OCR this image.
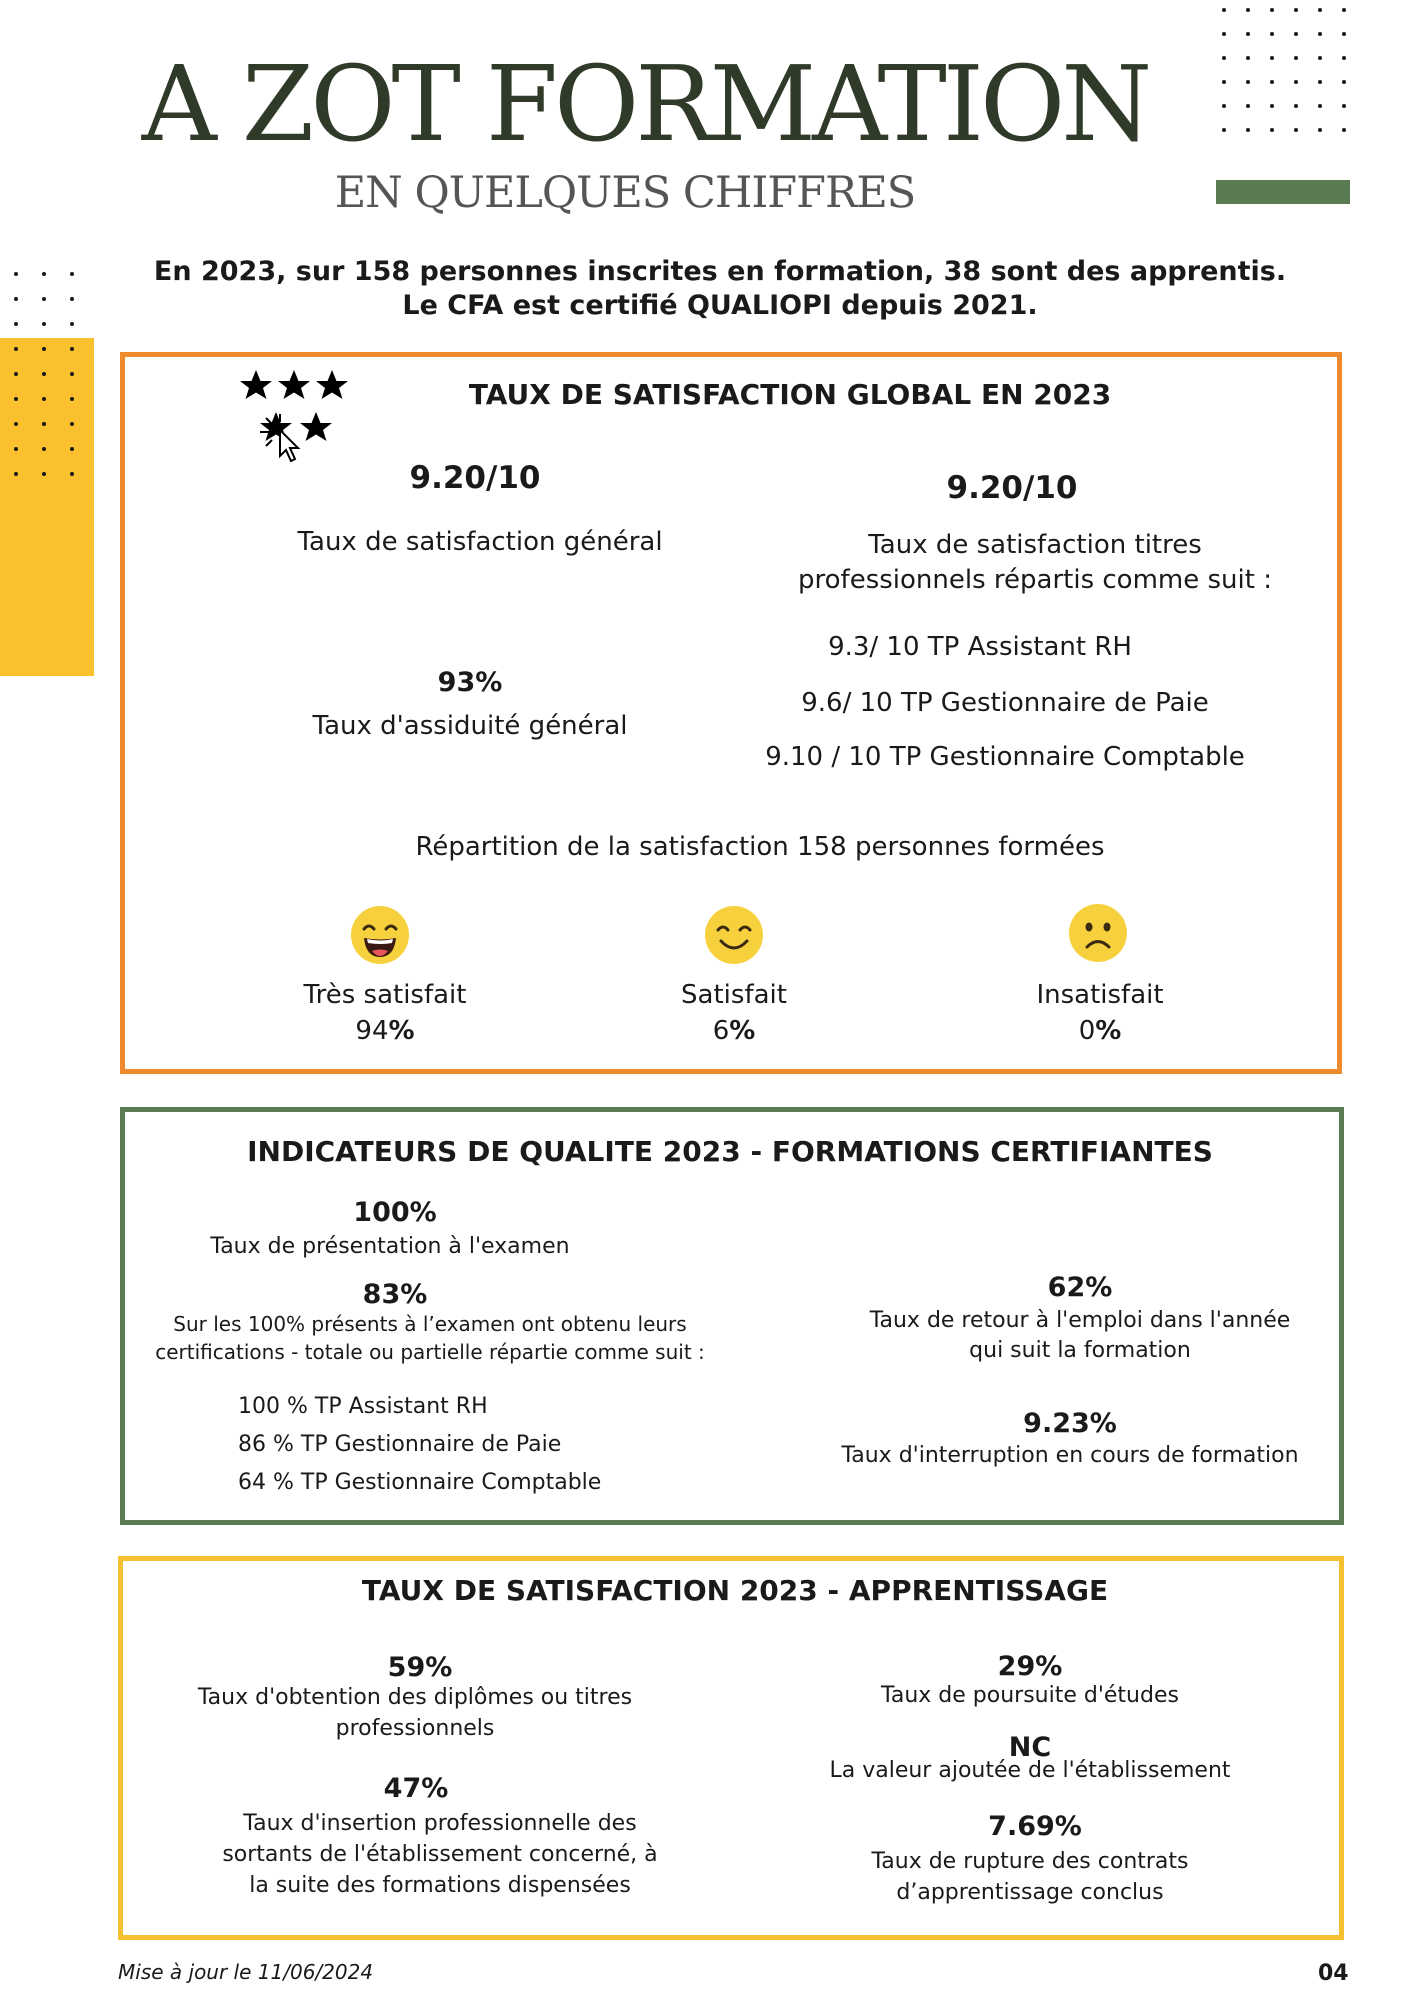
A ZOT FORMATION
EN QUELQUES CHIFFRES
En 2023, sur 158 personnes inscrites en formation, 38 sont des apprentis.
Le CFA est certifié QUALIOPI depuis 2021.
TAUX DE SATISFACTION GLOBAL EN 2023
9.20/10
Taux de satisfaction général
9.20/10
Taux de satisfaction titres
professionnels répartis comme suit :
93%
Taux d'assiduité général
9.3/ 10 TP Assistant RH
9.6/ 10 TP Gestionnaire de Paie
9.10 / 10 TP Gestionnaire Comptable
Répartition de la satisfaction 158 personnes formées
Très satisfait
94%
Satisfait
6%
Insatisfait
0%
INDICATEURS DE QUALITE 2023 - FORMATIONS CERTIFIANTES
100%
Taux de présentation à l'examen
83%
Sur les 100% présents à l’examen ont obtenu leurs
certifications - totale ou partielle répartie comme suit :
100 % TP Assistant RH
86 % TP Gestionnaire de Paie
64 % TP Gestionnaire Comptable
62%
Taux de retour à l'emploi dans l'année
qui suit la formation
9.23%
Taux d'interruption en cours de formation
TAUX DE SATISFACTION 2023 - APPRENTISSAGE
59%
Taux d'obtention des diplômes ou titres
professionnels
47%
Taux d'insertion professionnelle des
sortants de l'établissement concerné, à
la suite des formations dispensées
29%
Taux de poursuite d'études
NC
La valeur ajoutée de l'établissement
7.69%
Taux de rupture des contrats
d’apprentissage conclus
Mise à jour le 11/06/2024	04
